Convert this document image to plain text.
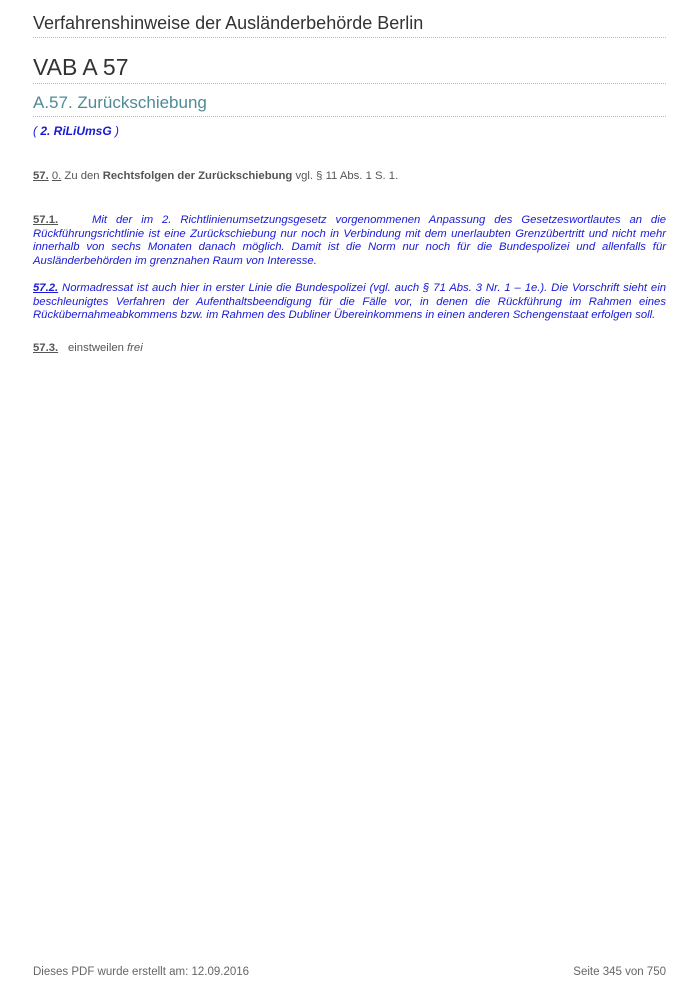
Verfahrenshinweise der Ausländerbehörde Berlin
VAB A 57
A.57. Zurückschiebung
( 2. RiLiUmsG )
57. 0. Zu den Rechtsfolgen der Zurückschiebung vgl. § 11 Abs. 1 S. 1.
57.1.	Mit der im 2. Richtlinienumsetzungsgesetz vorgenommenen Anpassung des Gesetzeswortlautes an die Rückführungsrichtlinie ist eine Zurückschiebung nur noch in Verbindung mit dem unerlaubten Grenzübertritt und nicht mehr innerhalb von sechs Monaten danach möglich. Damit ist die Norm nur noch für die Bundespolizei und allenfalls für Ausländerbehörden im grenznahen Raum von Interesse.
57.2. Normadressat ist auch hier in erster Linie die Bundespolizei (vgl. auch § 71 Abs. 3 Nr. 1 – 1e.). Die Vorschrift sieht ein beschleunigtes Verfahren der Aufenthaltsbeendigung für die Fälle vor, in denen die Rückführung im Rahmen eines Rückübernahmeabkommens bzw. im Rahmen des Dubliner Übereinkommens in einen anderen Schengenstaat erfolgen soll.
57.3. einstweilen frei
Dieses PDF wurde erstellt am: 12.09.2016	Seite 345 von 750
